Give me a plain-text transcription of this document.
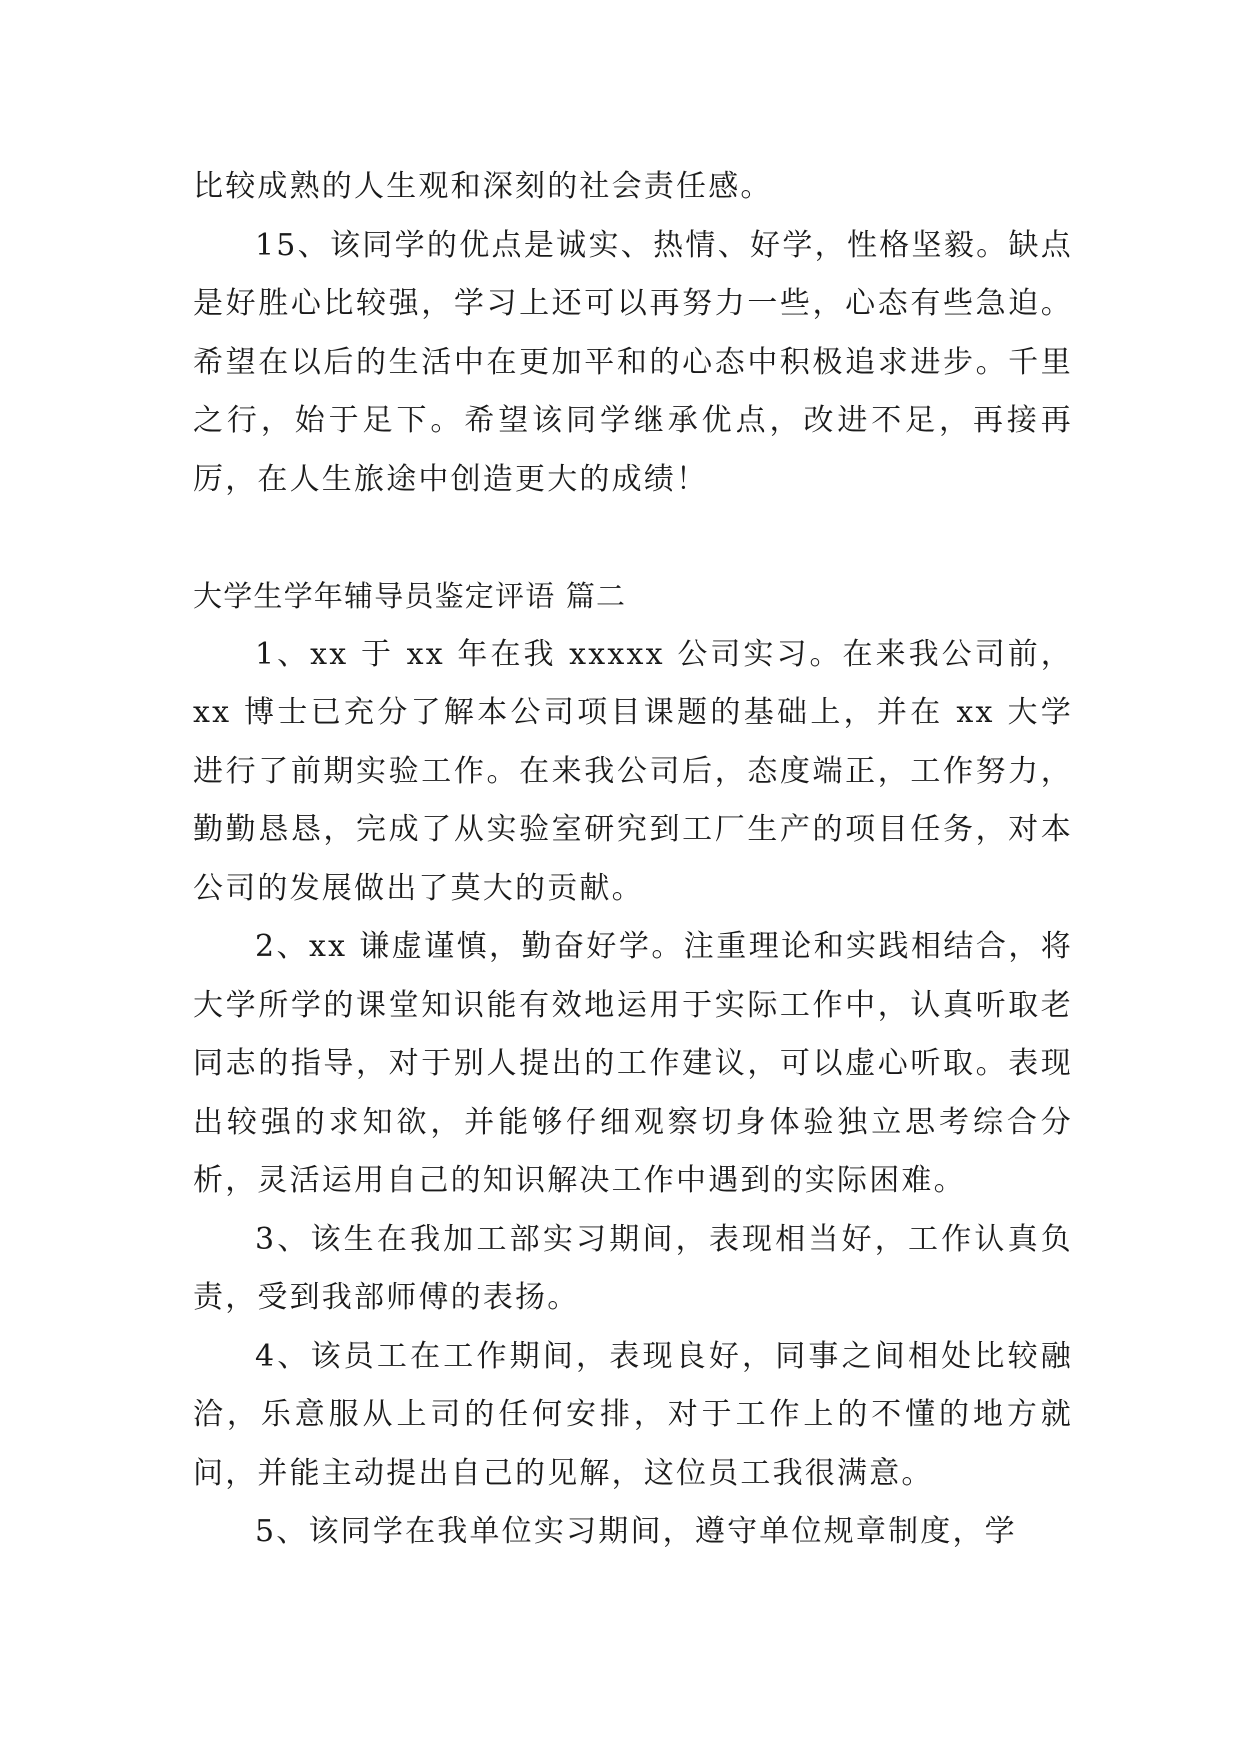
比较成熟的人生观和深刻的社会责任感。

15、该同学的优点是诚实、热情、好学，性格坚毅。缺点是好胜心比较强，学习上还可以再努力一些，心态有些急迫。希望在以后的生活中在更加平和的心态中积极追求进步。千里之行，始于足下。希望该同学继承优点，改进不足，再接再厉，在人生旅途中创造更大的成绩！

大学生学年辅导员鉴定评语 篇二

1、xx 于 xx 年在我 xxxxx 公司实习。在来我公司前，xx 博士已充分了解本公司项目课题的基础上，并在 xx 大学进行了前期实验工作。在来我公司后，态度端正，工作努力，勤勤恳恳，完成了从实验室研究到工厂生产的项目任务，对本公司的发展做出了莫大的贡献。

2、xx 谦虚谨慎，勤奋好学。注重理论和实践相结合，将大学所学的课堂知识能有效地运用于实际工作中，认真听取老同志的指导，对于别人提出的工作建议，可以虚心听取。表现出较强的求知欲，并能够仔细观察切身体验独立思考综合分析，灵活运用自己的知识解决工作中遇到的实际困难。

3、该生在我加工部实习期间，表现相当好，工作认真负责，受到我部师傅的表扬。

4、该员工在工作期间，表现良好，同事之间相处比较融洽，乐意服从上司的任何安排，对于工作上的不懂的地方就问，并能主动提出自己的见解，这位员工我很满意。

5、该同学在我单位实习期间，遵守单位规章制度，学
